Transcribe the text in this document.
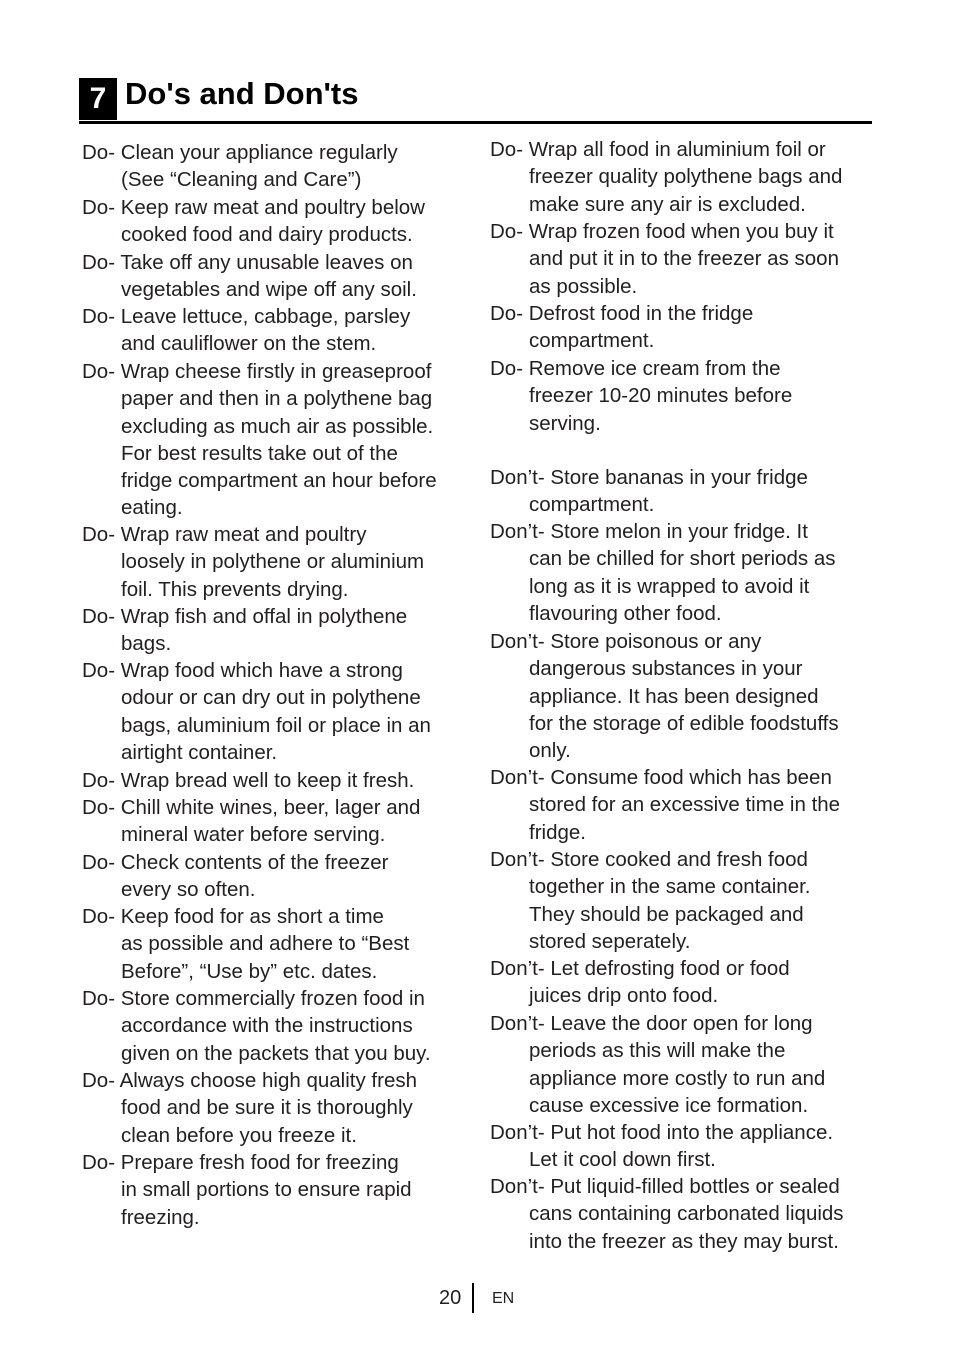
7 Do's and Don'ts
Do- Clean your appliance regularly
(See “Cleaning and Care”)
Do- Keep raw meat and poultry below
cooked food and dairy products.
Do- Take off any unusable leaves on
vegetables and wipe off any soil.
Do- Leave lettuce, cabbage, parsley
and cauliflower on the stem.
Do- Wrap cheese firstly in greaseproof
paper and then in a polythene bag
excluding as much air as possible.
For best results take out of the
fridge compartment an hour before
eating.
Do- Wrap raw meat and poultry
loosely in polythene or aluminium
foil. This prevents drying.
Do- Wrap fish and offal in polythene
bags.
Do- Wrap food which have a strong
odour or can dry out in polythene
bags, aluminium foil or place in an
airtight container.
Do- Wrap bread well to keep it fresh.
Do- Chill white wines, beer, lager and
mineral water before serving.
Do- Check contents of the freezer
every so often.
Do- Keep food for as short a time
as possible and adhere to “Best
Before”, “Use by” etc. dates.
Do- Store commercially frozen food in
accordance with the instructions
given on the packets that you buy.
Do- Always choose high quality fresh
food and be sure it is thoroughly
clean before you freeze it.
Do- Prepare fresh food for freezing
in small portions to ensure rapid
freezing.
Do- Wrap all food in aluminium foil or
freezer quality polythene bags and
make sure any air is excluded.
Do- Wrap frozen food when you buy it
and put it in to the freezer as soon
as possible.
Do- Defrost food in the fridge
compartment.
Do- Remove ice cream from the
freezer 10-20 minutes before
serving.
Don’t- Store bananas in your fridge
compartment.
Don’t- Store melon in your fridge. It
can be chilled for short periods as
long as it is wrapped to avoid it
flavouring other food.
Don’t- Store poisonous or any
dangerous substances in your
appliance. It has been designed
for the storage of edible foodstuffs
only.
Don’t- Consume food which has been
stored for an excessive time in the
fridge.
Don’t- Store cooked and fresh food
together in the same container.
They should be packaged and
stored seperately.
Don’t- Let defrosting food or food
juices drip onto food.
Don’t- Leave the door open for long
periods as this will make the
appliance more costly to run and
cause excessive ice formation.
Don’t- Put hot food into the appliance.
Let it cool down first.
Don’t- Put liquid-filled bottles or sealed
cans containing carbonated liquids
into the freezer as they may burst.
20 EN
